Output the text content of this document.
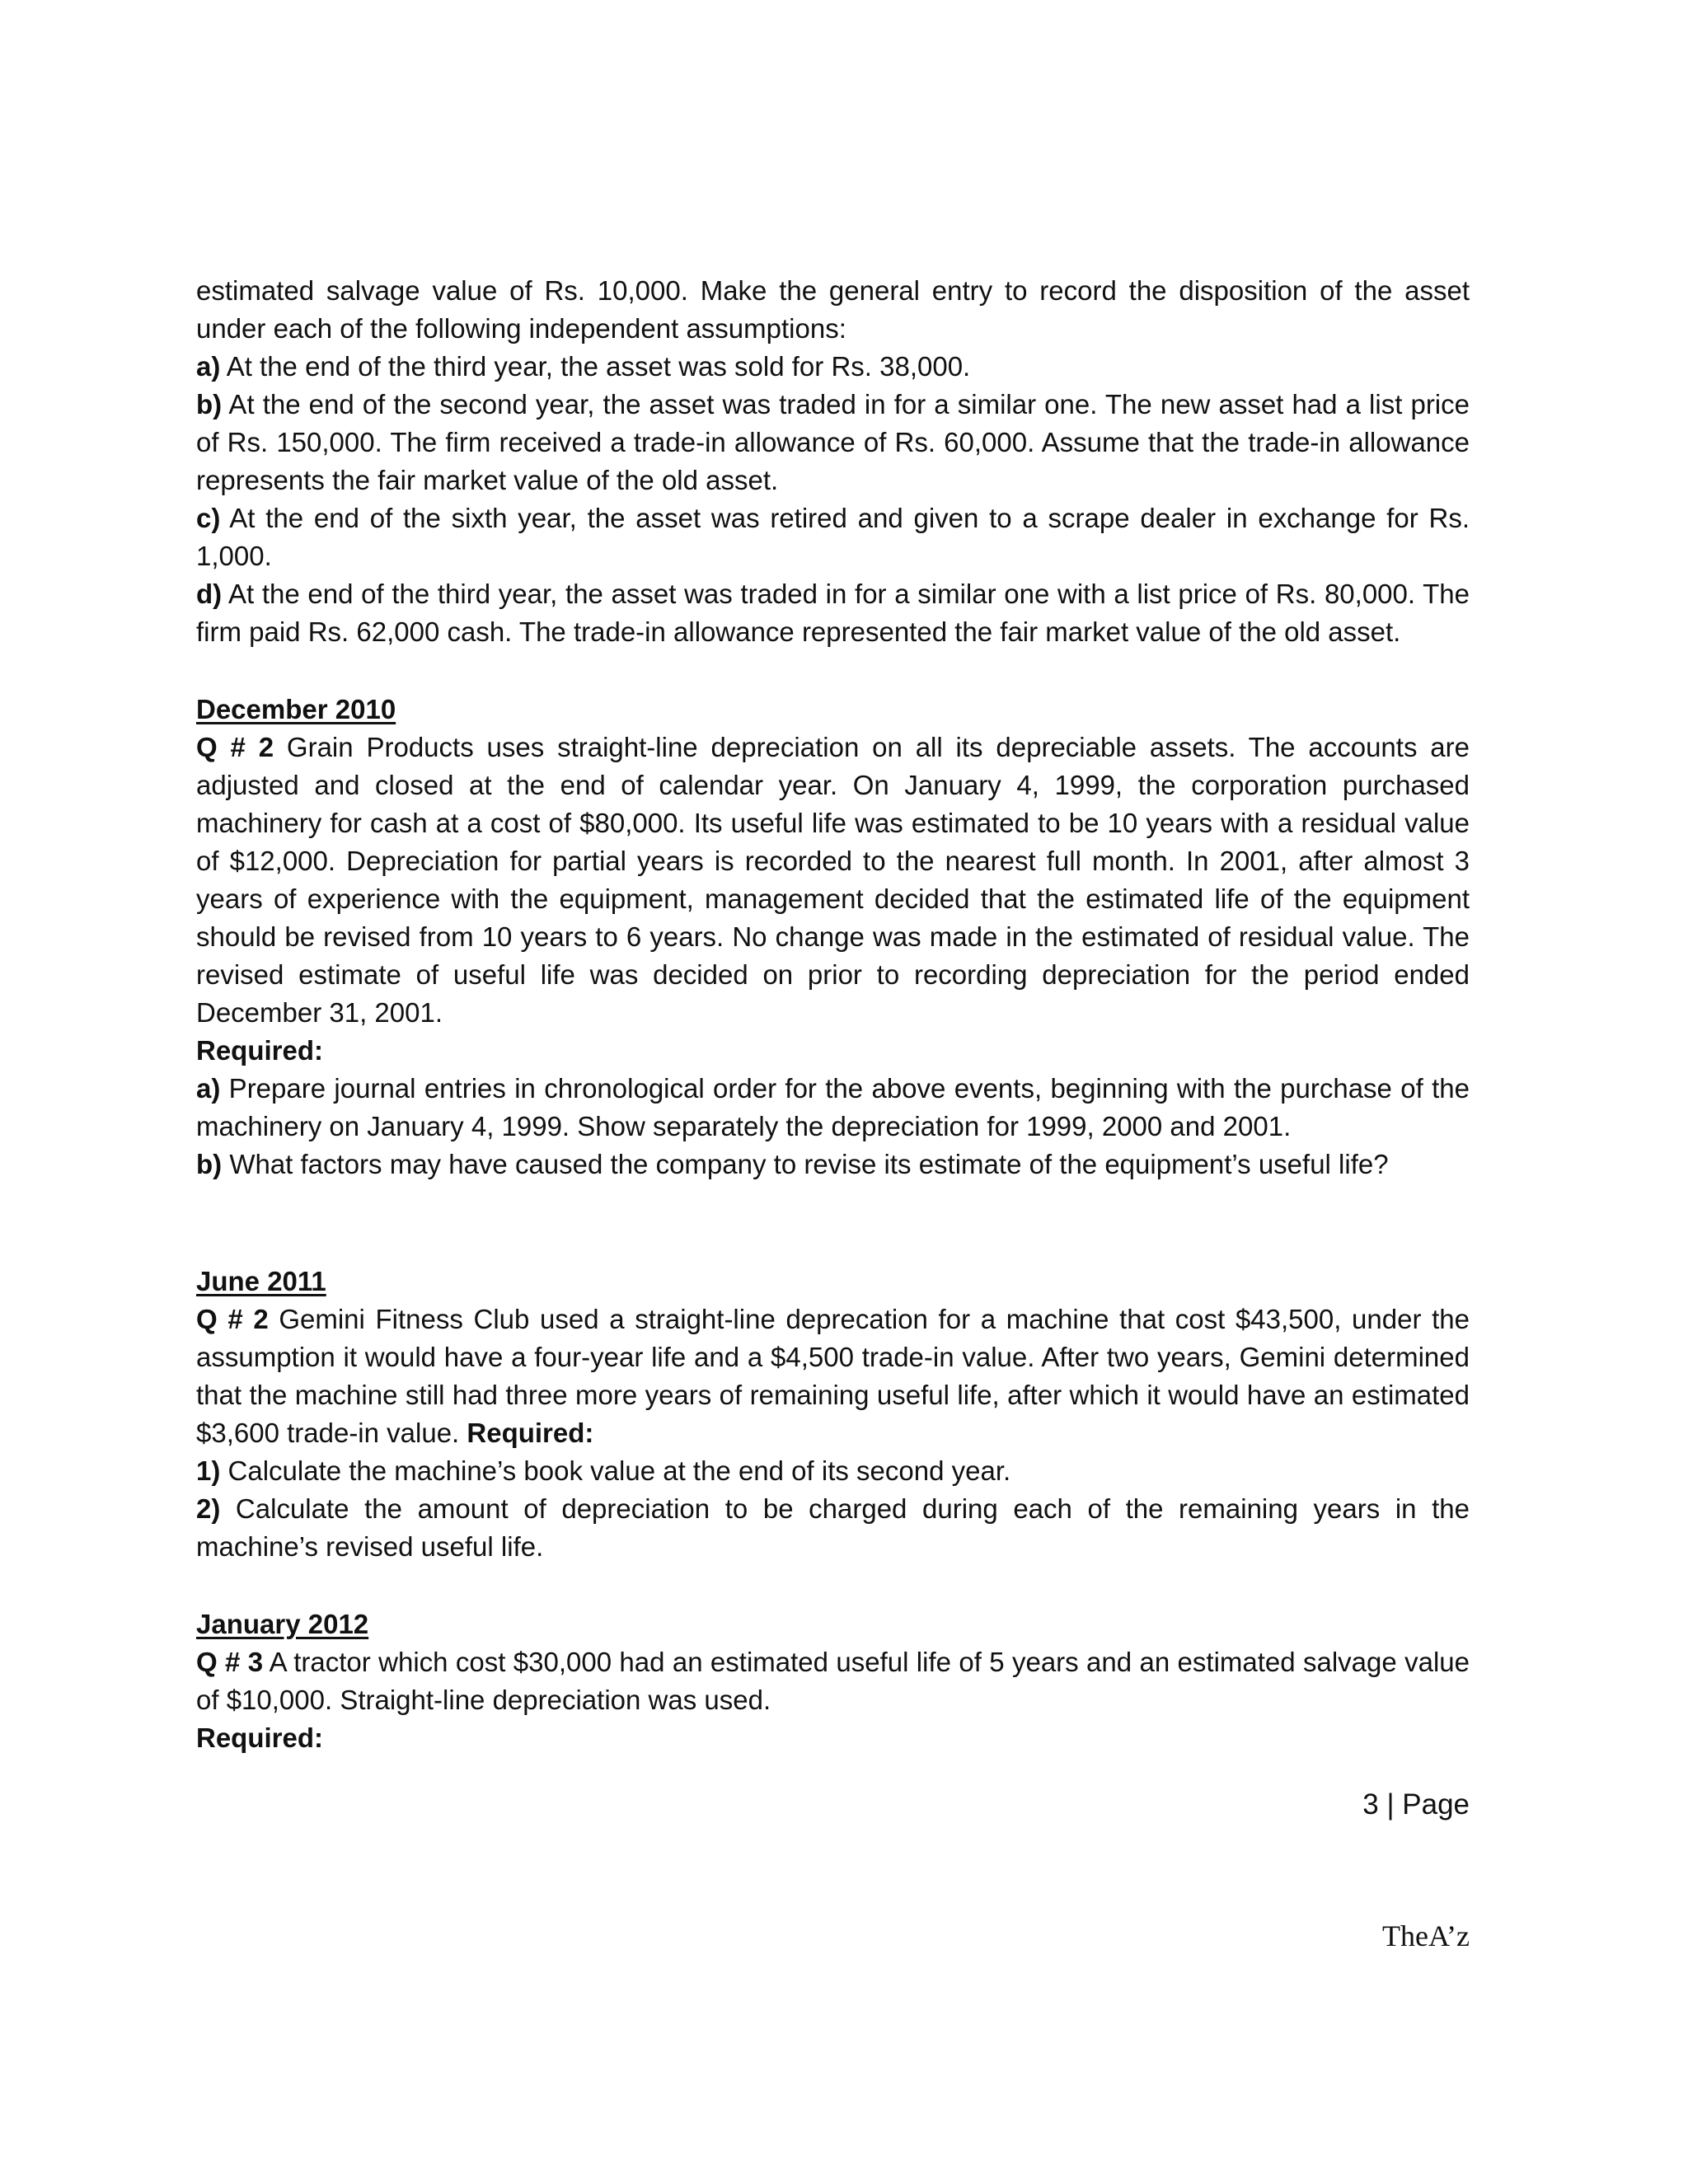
estimated salvage value of Rs. 10,000. Make the general entry to record the disposition of the asset under each of the following independent assumptions:

a) At the end of the third year, the asset was sold for Rs. 38,000.

b) At the end of the second year, the asset was traded in for a similar one. The new asset had a list price of Rs. 150,000. The firm received a trade-in allowance of Rs. 60,000. Assume that the trade-in allowance represents the fair market value of the old asset.

c) At the end of the sixth year, the asset was retired and given to a scrape dealer in exchange for Rs. 1,000.

d) At the end of the third year, the asset was traded in for a similar one with a list price of Rs. 80,000. The firm paid Rs. 62,000 cash. The trade-in allowance represented the fair market value of the old asset.

December 2010

Q # 2 Grain Products uses straight-line depreciation on all its depreciable assets. The accounts are adjusted and closed at the end of calendar year. On January 4, 1999, the corporation purchased machinery for cash at a cost of $80,000. Its useful life was estimated to be 10 years with a residual value of $12,000. Depreciation for partial years is recorded to the nearest full month. In 2001, after almost 3 years of experience with the equipment, management decided that the estimated life of the equipment should be revised from 10 years to 6 years. No change was made in the estimated of residual value. The revised estimate of useful life was decided on prior to recording depreciation for the period ended December 31, 2001.

Required:

a) Prepare journal entries in chronological order for the above events, beginning with the purchase of the machinery on January 4, 1999. Show separately the depreciation for 1999, 2000 and 2001.

b) What factors may have caused the company to revise its estimate of the equipment’s useful life?

June 2011

Q # 2 Gemini Fitness Club used a straight-line deprecation for a machine that cost $43,500, under the assumption it would have a four-year life and a $4,500 trade-in value. After two years, Gemini determined that the machine still had three more years of remaining useful life, after which it would have an estimated $3,600 trade-in value. Required:

1) Calculate the machine’s book value at the end of its second year.

2) Calculate the amount of depreciation to be charged during each of the remaining years in the machine’s revised useful life.

January 2012

Q # 3 A tractor which cost $30,000 had an estimated useful life of 5 years and an estimated salvage value of $10,000. Straight-line depreciation was used.

Required:

3 | Page
TheA’z
